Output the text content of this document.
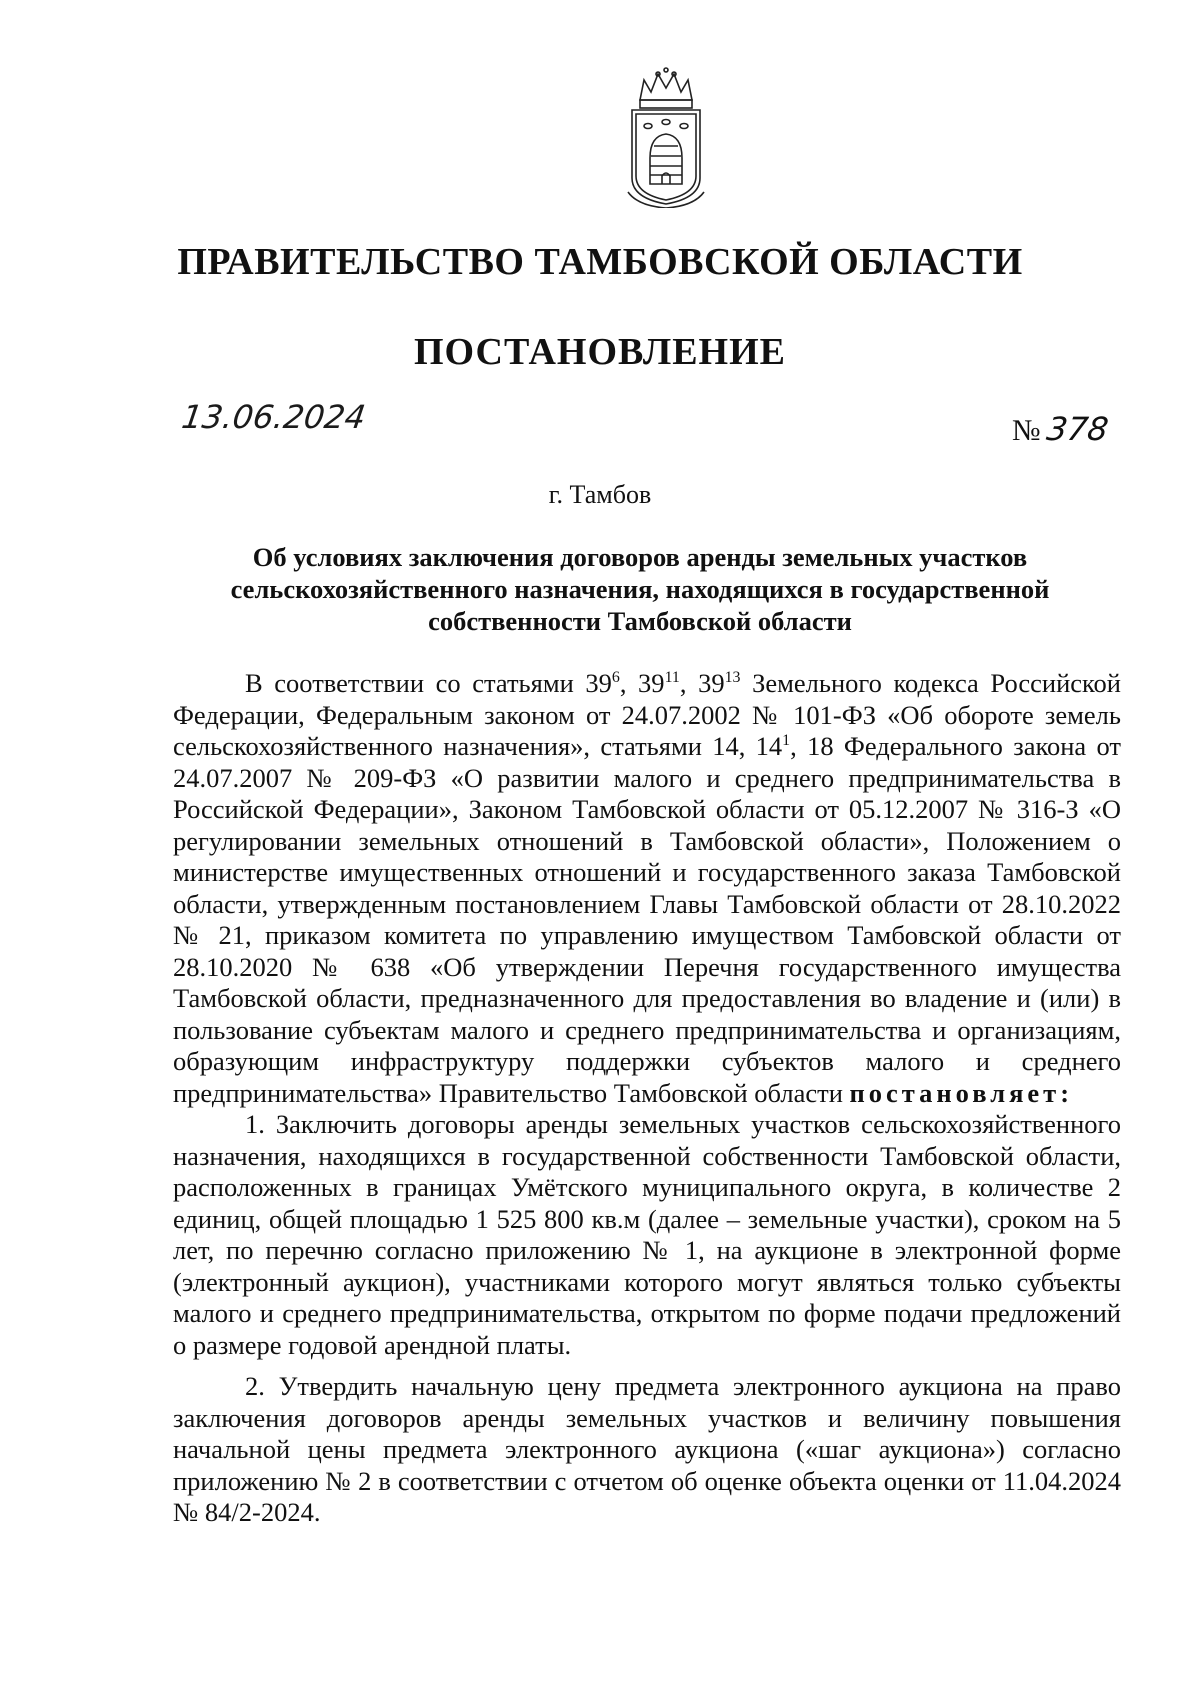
ПРАВИТЕЛЬСТВО ТАМБОВСКОЙ ОБЛАСТИ
ПОСТАНОВЛЕНИЕ
13.06.2024	№ 378
г. Тамбов
Об условиях заключения договоров аренды земельных участков сельскохозяйственного назначения, находящихся в государственной собственности Тамбовской области

В соответствии со статьями $39^6$, $39^{11}$, $39^{13}$ Земельного кодекса Российской Федерации, Федеральным законом от 24.07.2002 № 101-ФЗ «Об обороте земель сельскохозяйственного назначения», статьями 14, $14^1$, 18 Федерального закона от 24.07.2007 № 209-ФЗ «О развитии малого и среднего предпринимательства в Российской Федерации», Законом Тамбовской области от 05.12.2007 № 316-З «О регулировании земельных отношений в Тамбовской области», Положением о министерстве имущественных отношений и государственного заказа Тамбовской области, утвержденным постановлением Главы Тамбовской области от 28.10.2022 № 21, приказом комитета по управлению имуществом Тамбовской области от 28.10.2020 № 638 «Об утверждении Перечня государственного имущества Тамбовской области, предназначенного для предоставления во владение и (или) в пользование субъектам малого и среднего предпринимательства и организациям, образующим инфраструктуру поддержки субъектов малого и среднего предпринимательства» Правительство Тамбовской области постановляет:

1. Заключить договоры аренды земельных участков сельскохозяйственного назначения, находящихся в государственной собственности Тамбовской области, расположенных в границах Умётского муниципального округа, в количестве 2 единиц, общей площадью 1 525 800 кв.м (далее – земельные участки), сроком на 5 лет, по перечню согласно приложению № 1, на аукционе в электронной форме (электронный аукцион), участниками которого могут являться только субъекты малого и среднего предпринимательства, открытом по форме подачи предложений о размере годовой арендной платы.

2. Утвердить начальную цену предмета электронного аукциона на право заключения договоров аренды земельных участков и величину повышения начальной цены предмета электронного аукциона («шаг аукциона») согласно приложению № 2 в соответствии с отчетом об оценке объекта оценки от 11.04.2024 № 84/2-2024.
